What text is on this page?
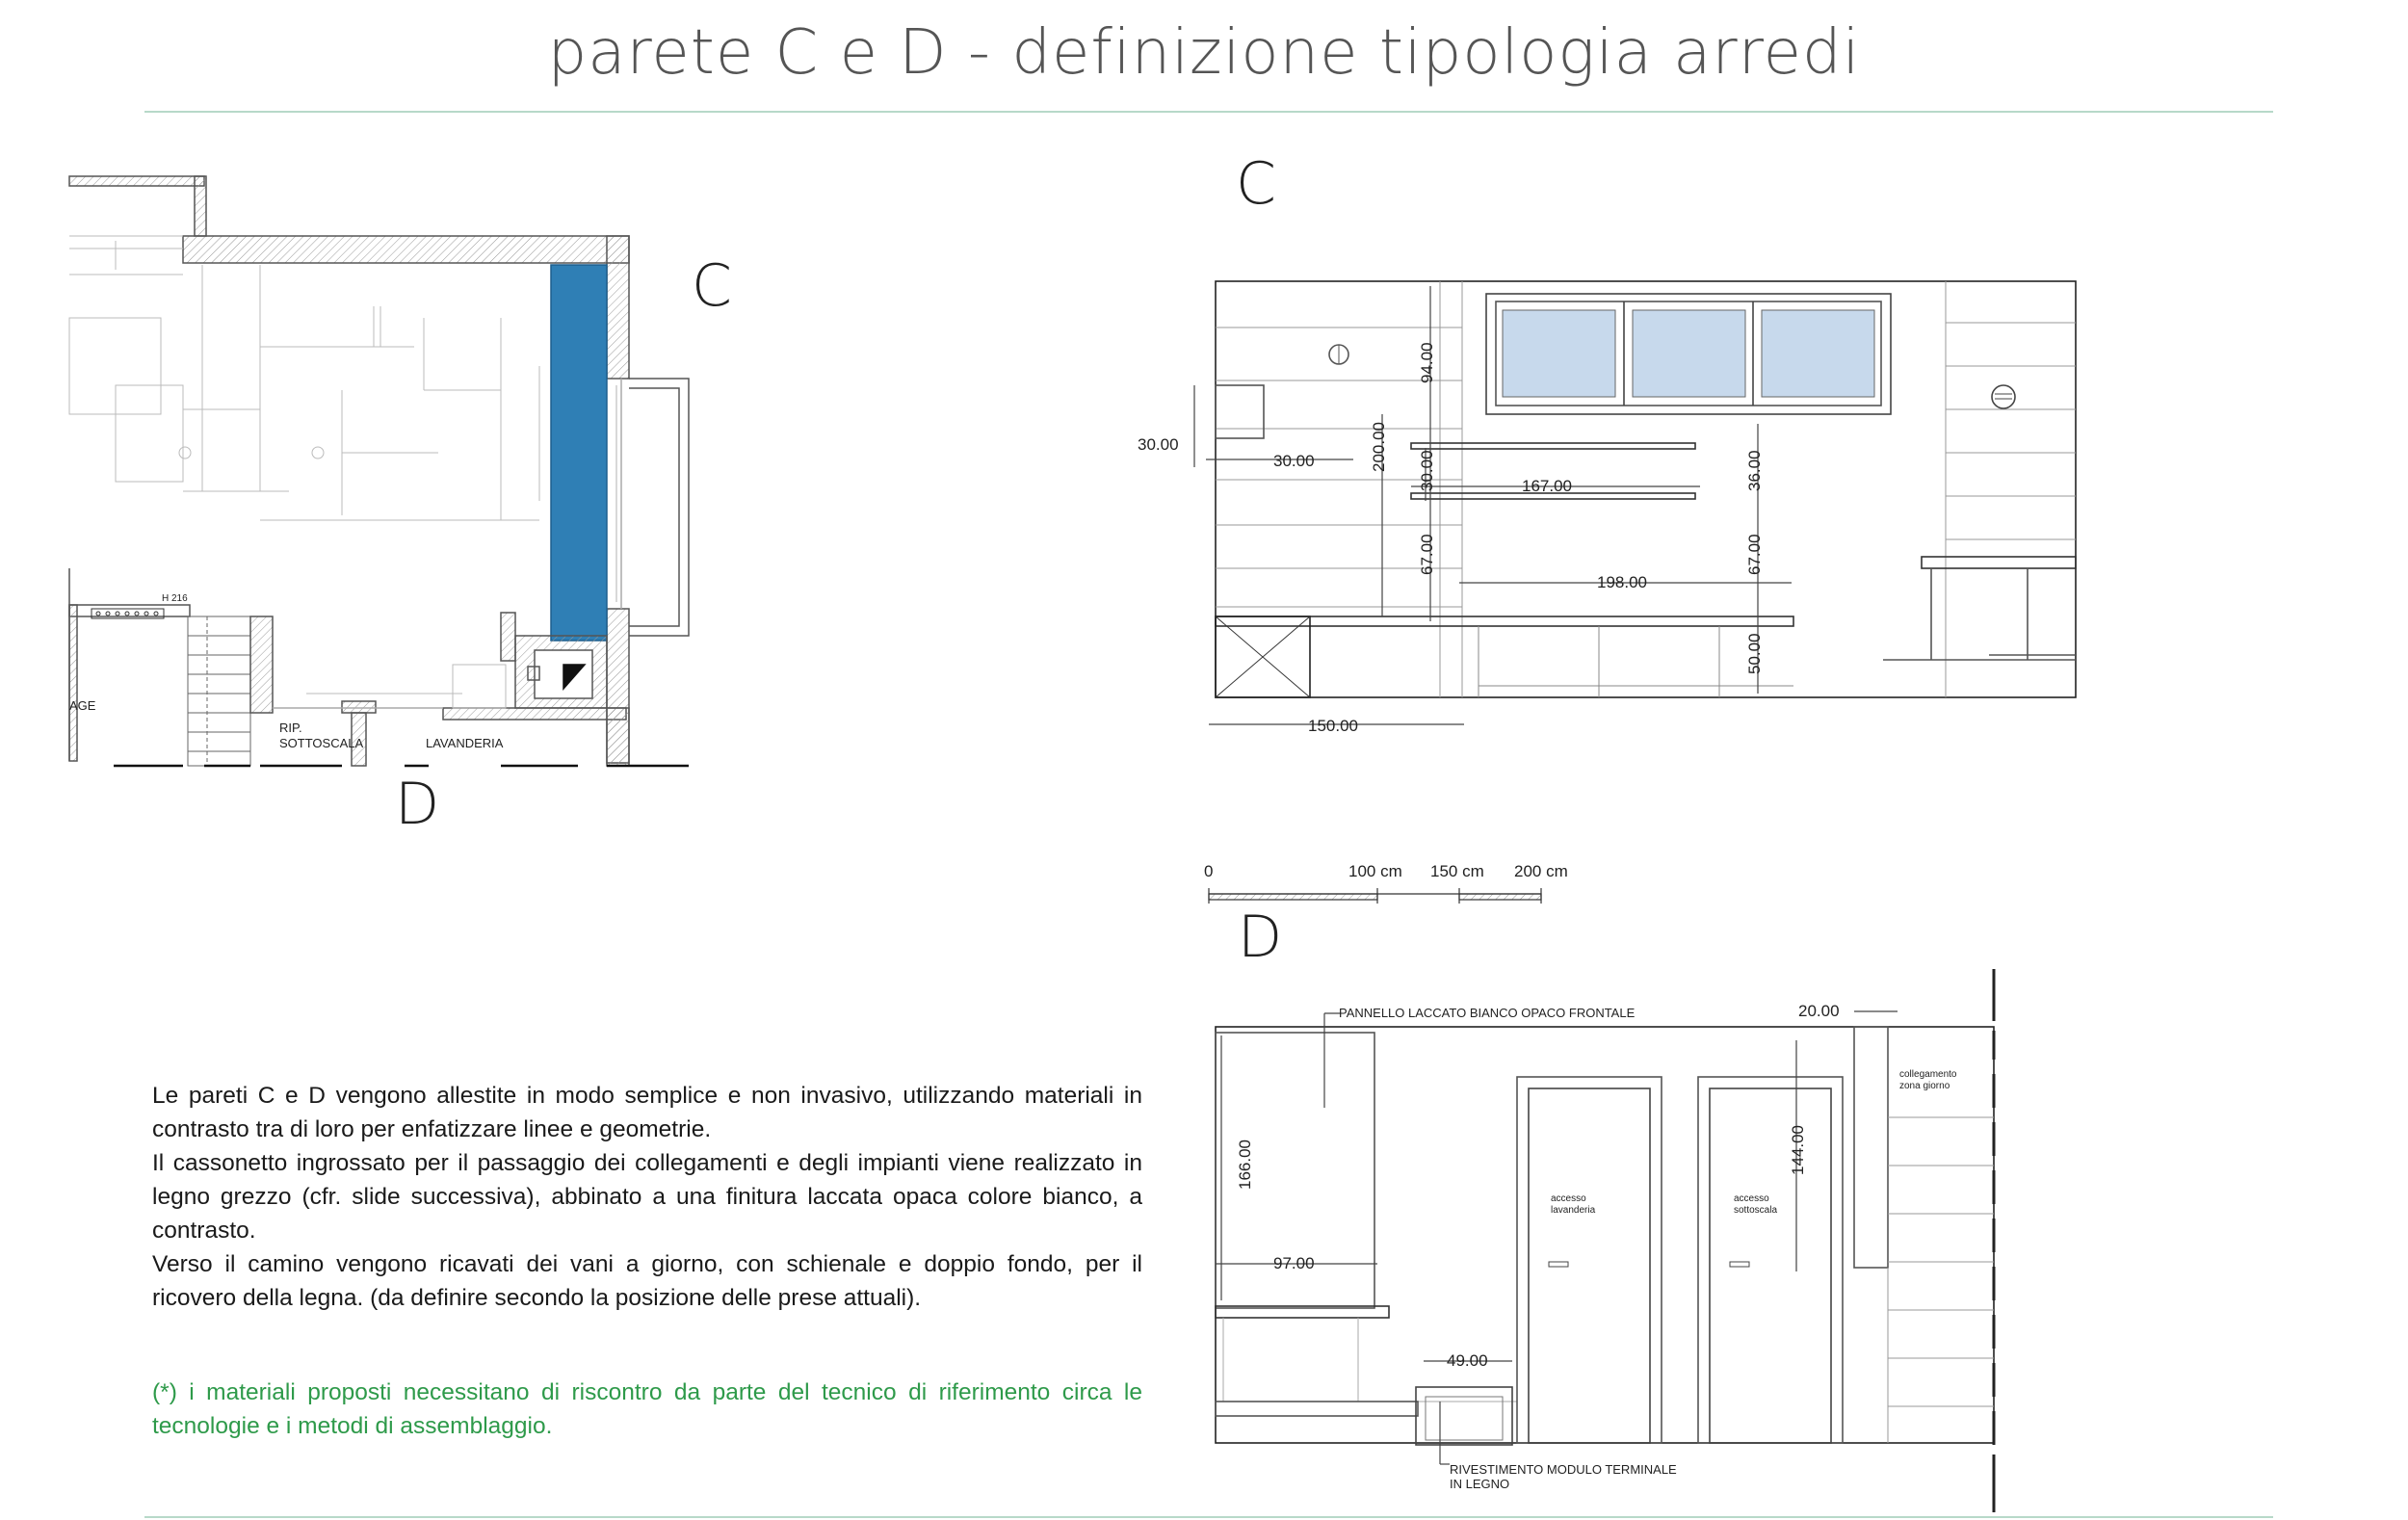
parete C e D - definizione tipologia arredi
C
D
C
D
H 216
AGE
RIP.
SOTTOSCALA	LAVANDERIA
30.00
30.00	200.00
94.00
30.00	167.00	36.00
67.00
198.00
67.00
50.00
150.00
0	100 cm 150 cm 200 cm
PANNELLO LACCATO BIANCO OPACO FRONTALE	20.00
166.00
97.00
144.00
49.00
accesso
lavanderia
accesso
sottoscala
collegamento
zona giorno
RIVESTIMENTO MODULO TERMINALE
IN LEGNO

Le pareti C e D vengono allestite in modo semplice e non invasivo, utilizzando materiali in contrasto tra di loro per enfatizzare linee e geometrie.

Il cassonetto ingrossato per il passaggio dei collegamenti e degli impianti viene realizzato in legno grezzo (cfr. slide successiva), abbinato a una finitura laccata opaca colore bianco, a contrasto.

Verso il camino vengono ricavati dei vani a giorno, con schienale e doppio fondo, per il ricovero della legna. (da definire secondo la posizione delle prese attuali).

(*) i materiali proposti necessitano di riscontro da parte del tecnico di riferimento circa le tecnologie e i metodi di assemblaggio.
